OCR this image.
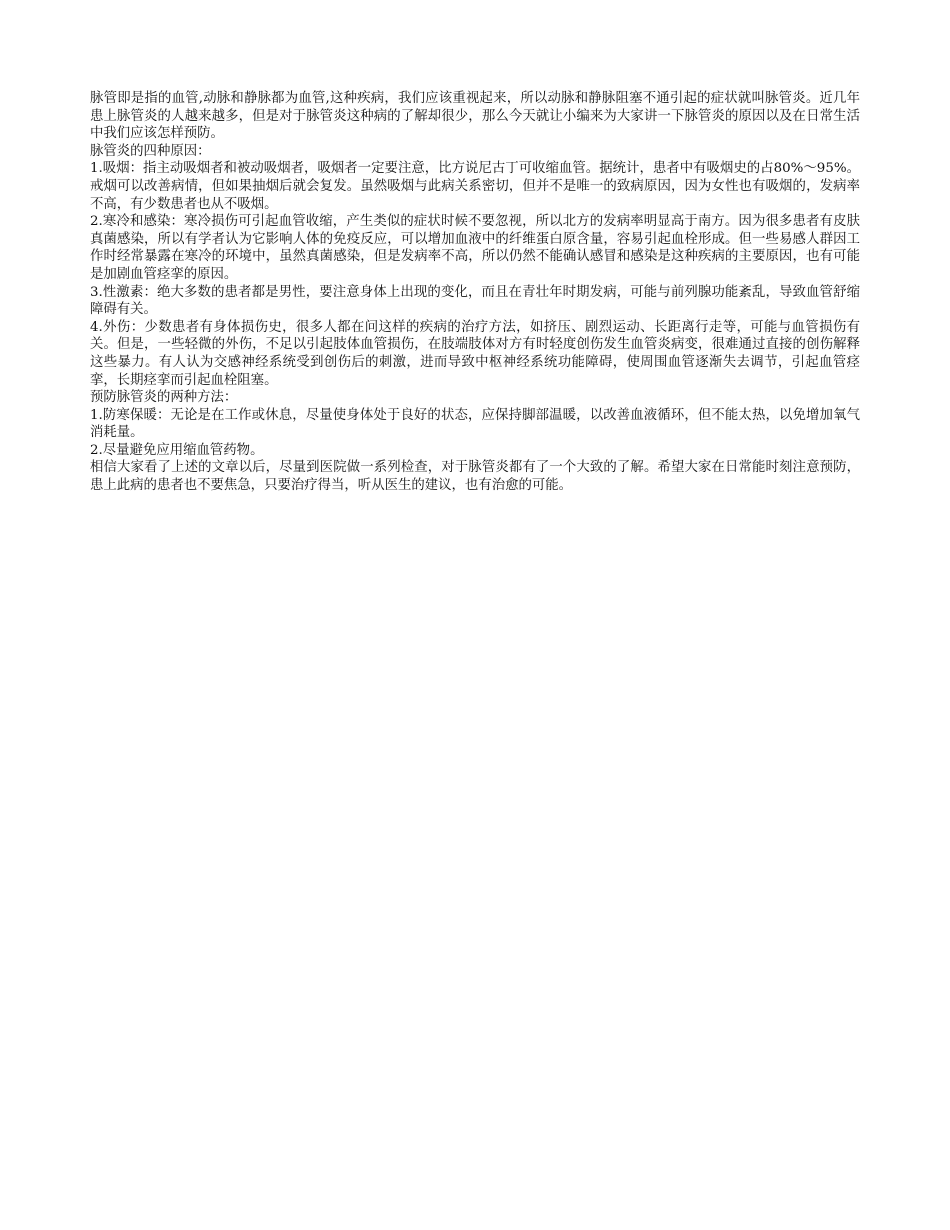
脉管即是指的血管,动脉和静脉都为血管,这种疾病，我们应该重视起来，所以动脉和静脉阻塞不通引起的症状就叫脉管炎。近几年患上脉管炎的人越来越多，但是对于脉管炎这种病的了解却很少，那么今天就让小编来为大家讲一下脉管炎的原因以及在日常生活中我们应该怎样预防。

脉管炎的四种原因：

1.吸烟：指主动吸烟者和被动吸烟者，吸烟者一定要注意，比方说尼古丁可收缩血管。据统计，患者中有吸烟史的占80%～95%。戒烟可以改善病情，但如果抽烟后就会复发。虽然吸烟与此病关系密切，但并不是唯一的致病原因，因为女性也有吸烟的，发病率不高，有少数患者也从不吸烟。

2.寒冷和感染：寒冷损伤可引起血管收缩，产生类似的症状时候不要忽视，所以北方的发病率明显高于南方。因为很多患者有皮肤真菌感染，所以有学者认为它影响人体的免疫反应，可以增加血液中的纤维蛋白原含量，容易引起血栓形成。但一些易感人群因工作时经常暴露在寒冷的环境中，虽然真菌感染，但是发病率不高，所以仍然不能确认感冒和感染是这种疾病的主要原因，也有可能是加剧血管痉挛的原因。

3.性激素：绝大多数的患者都是男性，要注意身体上出现的变化，而且在青壮年时期发病，可能与前列腺功能紊乱，导致血管舒缩障碍有关。

4.外伤：少数患者有身体损伤史，很多人都在问这样的疾病的治疗方法，如挤压、剧烈运动、长距离行走等，可能与血管损伤有关。但是，一些轻微的外伤，不足以引起肢体血管损伤，在肢端肢体对方有时轻度创伤发生血管炎病变，很难通过直接的创伤解释这些暴力。有人认为交感神经系统受到创伤后的刺激，进而导致中枢神经系统功能障碍，使周围血管逐渐失去调节，引起血管痉挛，长期痉挛而引起血栓阻塞。

预防脉管炎的两种方法：

1.防寒保暖：无论是在工作或休息，尽量使身体处于良好的状态，应保持脚部温暖，以改善血液循环，但不能太热，以免增加氧气消耗量。

2.尽量避免应用缩血管药物。

相信大家看了上述的文章以后，尽量到医院做一系列检查，对于脉管炎都有了一个大致的了解。希望大家在日常能时刻注意预防，患上此病的患者也不要焦急，只要治疗得当，听从医生的建议，也有治愈的可能。
